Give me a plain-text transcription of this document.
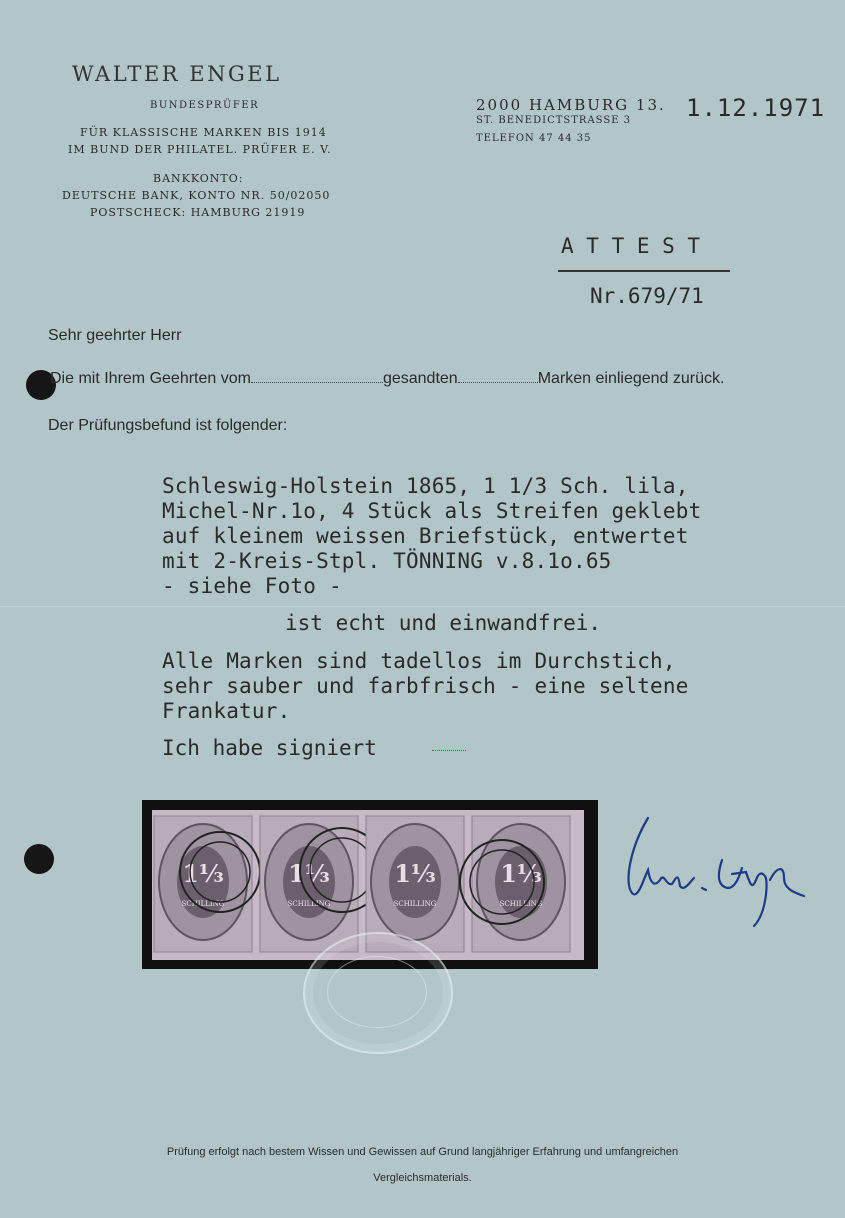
WALTER ENGEL
BUNDESPRÜFER
FÜR KLASSISCHE MARKEN BIS 1914
IM BUND DER PHILATEL. PRÜFER E. V.
BANKKONTO:
DEUTSCHE BANK, KONTO NR. 50/02050
POSTSCHECK: HAMBURG 21919
2000 HAMBURG 13.
ST. BENEDICTSTRASSE 3
TELEFON 47 44 35
1.12.1971
A T T E S T
Nr.679/71
Sehr geehrter Herr
Die mit Ihrem Geehrten vom	gesandten	Marken einliegend zurück.
Der Prüfungsbefund ist folgender:
Schleswig-Holstein 1865, 1 1/3 Sch. lila,
Michel-Nr.1o, 4 Stück als Streifen geklebt
auf kleinem weissen Briefstück, entwertet
mit 2-Kreis-Stpl. TÖNNING v.8.1o.65
- siehe Foto -
ist echt und einwandfrei.
Alle Marken sind tadellos im Durchstich,
sehr sauber und farbfrisch - eine seltene
Frankatur.
Ich habe signiert
1⅓
SCHILLING
1⅓
SCHILLING
1⅓
SCHILLING
1⅓
SCHILLING
Prüfung erfolgt nach bestem Wissen und Gewissen auf Grund langjähriger Erfahrung und umfangreichen
Vergleichsmaterials.
